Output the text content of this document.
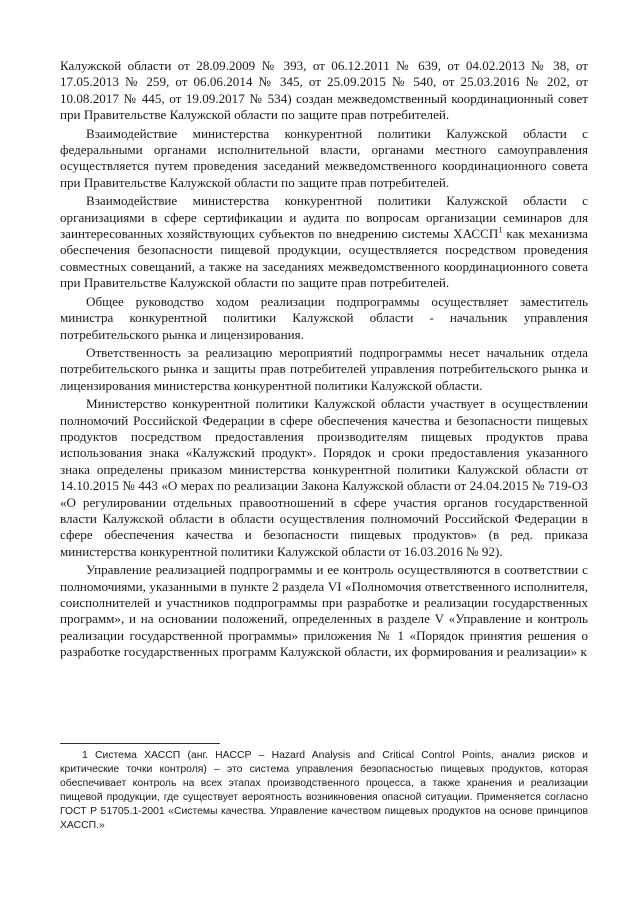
Калужской области от 28.09.2009 № 393, от 06.12.2011 № 639, от 04.02.2013 № 38, от 17.05.2013 № 259, от 06.06.2014 № 345, от 25.09.2015 № 540, от 25.03.2016 № 202, от 10.08.2017 № 445, от 19.09.2017 № 534) создан межведомственный координационный совет при Правительстве Калужской области по защите прав потребителей.

Взаимодействие министерства конкурентной политики Калужской области с федеральными органами исполнительной власти, органами местного самоуправления осуществляется путем проведения заседаний межведомственного координационного совета при Правительстве Калужской области по защите прав потребителей.

Взаимодействие министерства конкурентной политики Калужской области с организациями в сфере сертификации и аудита по вопросам организации семинаров для заинтересованных хозяйствующих субъектов по внедрению системы ХАССП$^1$ как механизма обеспечения безопасности пищевой продукции, осуществляется посредством проведения совместных совещаний, а также на заседаниях межведомственного координационного совета при Правительстве Калужской области по защите прав потребителей.

Общее руководство ходом реализации подпрограммы осуществляет заместитель министра конкурентной политики Калужской области - начальник управления потребительского рынка и лицензирования.

Ответственность за реализацию мероприятий подпрограммы несет начальник отдела потребительского рынка и защиты прав потребителей управления потребительского рынка и лицензирования министерства конкурентной политики Калужской области.

Министерство конкурентной политики Калужской области участвует в осуществлении полномочий Российской Федерации в сфере обеспечения качества и безопасности пищевых продуктов посредством предоставления производителям пищевых продуктов права использования знака «Калужский продукт». Порядок и сроки предоставления указанного знака определены приказом министерства конкурентной политики Калужской области от 14.10.2015 № 443 «О мерах по реализации Закона Калужской области от 24.04.2015 № 719-ОЗ «О регулировании отдельных правоотношений в сфере участия органов государственной власти Калужской области в области осуществления полномочий Российской Федерации в сфере обеспечения качества и безопасности пищевых продуктов» (в ред. приказа министерства конкурентной политики Калужской области от 16.03.2016 № 92).

Управление реализацией подпрограммы и ее контроль осуществляются в соответствии с полномочиями, указанными в пункте 2 раздела VI «Полномочия ответственного исполнителя, соисполнителей и участников подпрограммы при разработке и реализации государственных программ», и на основании положений, определенных в разделе V «Управление и контроль реализации государственной программы» приложения № 1 «Порядок принятия решения о разработке государственных программ Калужской области, их формирования и реализации» к

1 Система ХАССП (анг. HACCP – Hazard Analysis and Critical Control Points, анализ рисков и критические точки контроля) – это система управления безопасностью пищевых продуктов, которая обеспечивает контроль на всех этапах производственного процесса, а также хранения и реализации пищевой продукции, где существует вероятность возникновения опасной ситуации. Применяется согласно ГОСТ Р 51705.1-2001 «Системы качества. Управление качеством пищевых продуктов на основе принципов ХАССП.»
